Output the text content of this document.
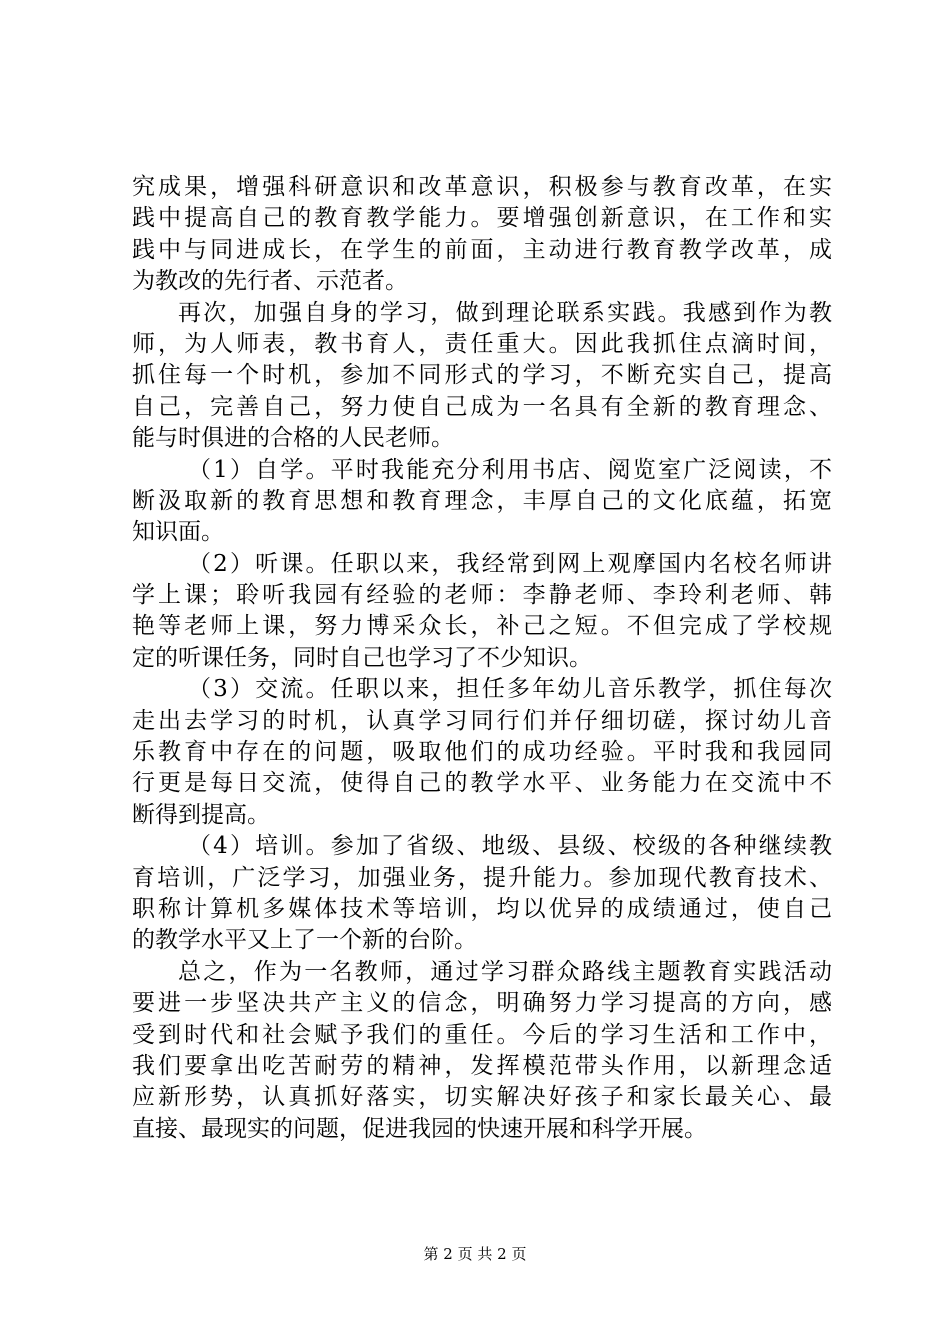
究成果，增强科研意识和改革意识，积极参与教育改革，在实
践中提高自己的教育教学能力。要增强创新意识，在工作和实
践中与同进成长，在学生的前面，主动进行教育教学改革，成
为教改的先行者、示范者。
再次，加强自身的学习，做到理论联系实践。我感到作为教
师，为人师表，教书育人，责任重大。因此我抓住点滴时间，
抓住每一个时机，参加不同形式的学习，不断充实自己，提高
自己，完善自己，努力使自己成为一名具有全新的教育理念、
能与时俱进的合格的人民老师。
（1）自学。平时我能充分利用书店、阅览室广泛阅读，不
断汲取新的教育思想和教育理念，丰厚自己的文化底蕴，拓宽
知识面。
（2）听课。任职以来，我经常到网上观摩国内名校名师讲
学上课；聆听我园有经验的老师：李静老师、李玲利老师、韩
艳等老师上课，努力博采众长，补己之短。不但完成了学校规
定的听课任务，同时自己也学习了不少知识。
（3）交流。任职以来，担任多年幼儿音乐教学，抓住每次
走出去学习的时机，认真学习同行们并仔细切磋，探讨幼儿音
乐教育中存在的问题，吸取他们的成功经验。平时我和我园同
行更是每日交流，使得自己的教学水平、业务能力在交流中不
断得到提高。
（4）培训。参加了省级、地级、县级、校级的各种继续教
育培训，广泛学习，加强业务，提升能力。参加现代教育技术、
职称计算机多媒体技术等培训，均以优异的成绩通过，使自己
的教学水平又上了一个新的台阶。
总之，作为一名教师，通过学习群众路线主题教育实践活动
要进一步坚决共产主义的信念，明确努力学习提高的方向，感
受到时代和社会赋予我们的重任。今后的学习生活和工作中，
我们要拿出吃苦耐劳的精神，发挥模范带头作用，以新理念适
应新形势，认真抓好落实，切实解决好孩子和家长最关心、最
直接、最现实的问题，促进我园的快速开展和科学开展。
第 2 页 共 2 页
